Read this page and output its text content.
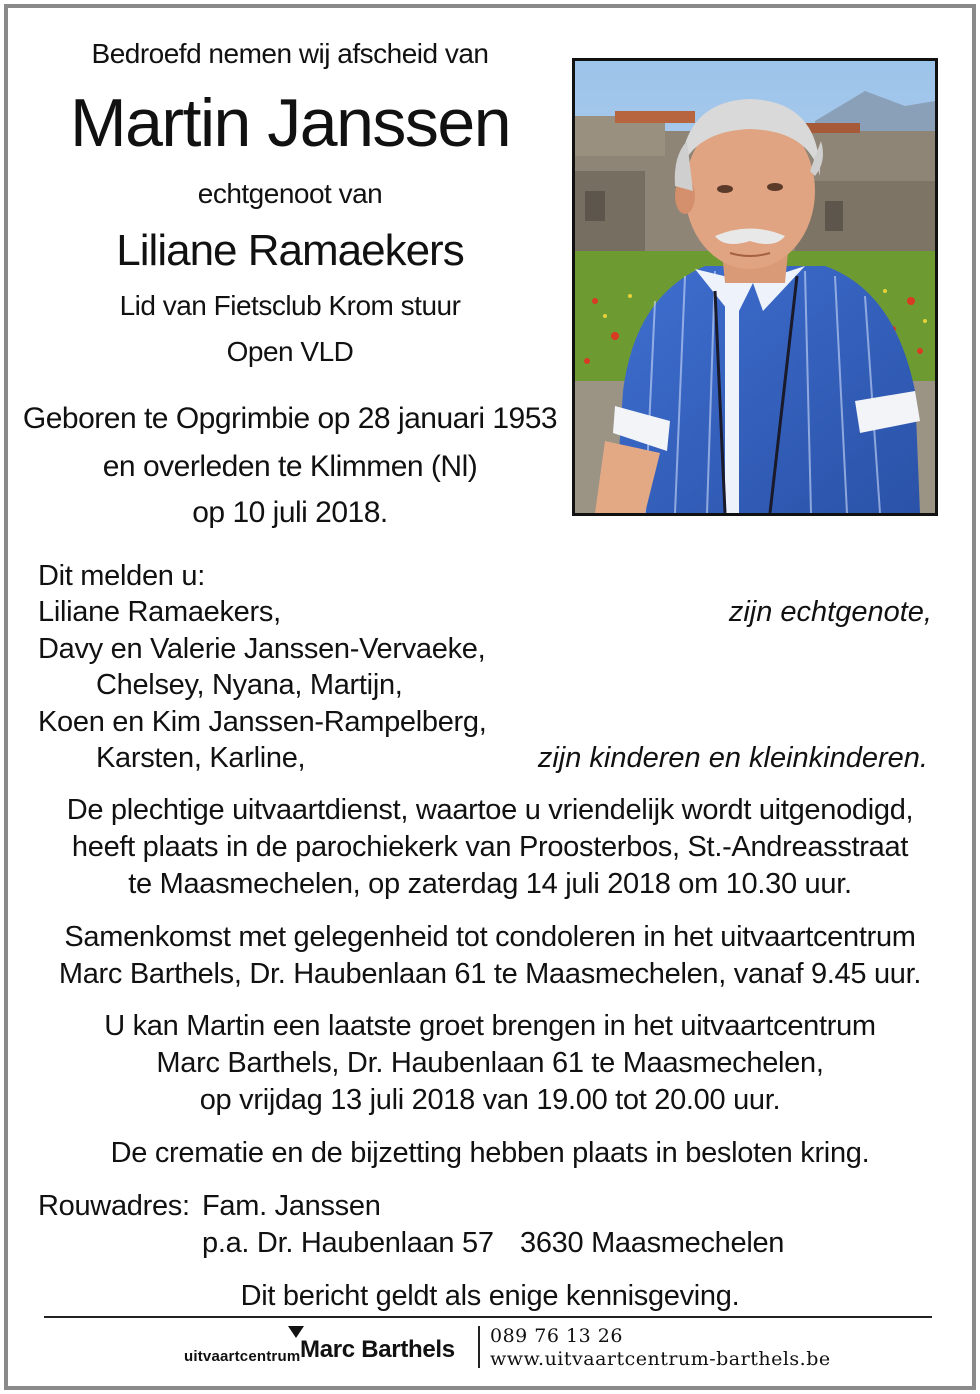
Bedroefd nemen wij afscheid van
Martin Janssen
echtgenoot van
Liliane Ramaekers
Lid van Fietsclub Krom stuur
Open VLD
Geboren te Opgrimbie op 28 januari 1953
en overleden te Klimmen (Nl)
op 10 juli 2018.
Dit melden u:
Liliane Ramaekers,	zijn echtgenote,
Davy en Valerie Janssen-Vervaeke,
Chelsey, Nyana, Martijn,
Koen en Kim Janssen-Rampelberg,
Karsten, Karline,	zijn kinderen en kleinkinderen.
De plechtige uitvaartdienst, waartoe u vriendelijk wordt uitgenodigd,
heeft plaats in de parochiekerk van Proosterbos, St.-Andreasstraat
te Maasmechelen, op zaterdag 14 juli 2018 om 10.30 uur.
Samenkomst met gelegenheid tot condoleren in het uitvaartcentrum
Marc Barthels, Dr. Haubenlaan 61 te Maasmechelen, vanaf 9.45 uur.
U kan Martin een laatste groet brengen in het uitvaartcentrum
Marc Barthels, Dr. Haubenlaan 61 te Maasmechelen,
op vrijdag 13 juli 2018 van 19.00 tot 20.00 uur.
De crematie en de bijzetting hebben plaats in besloten kring.
Rouwadres: Fam. Janssen
p.a. Dr. Haubenlaan 57 3630 Maasmechelen
Dit bericht geldt als enige kennisgeving.
uitvaartcentrum Marc Barthels 089 76 13 26
www.uitvaartcentrum-barthels.be
